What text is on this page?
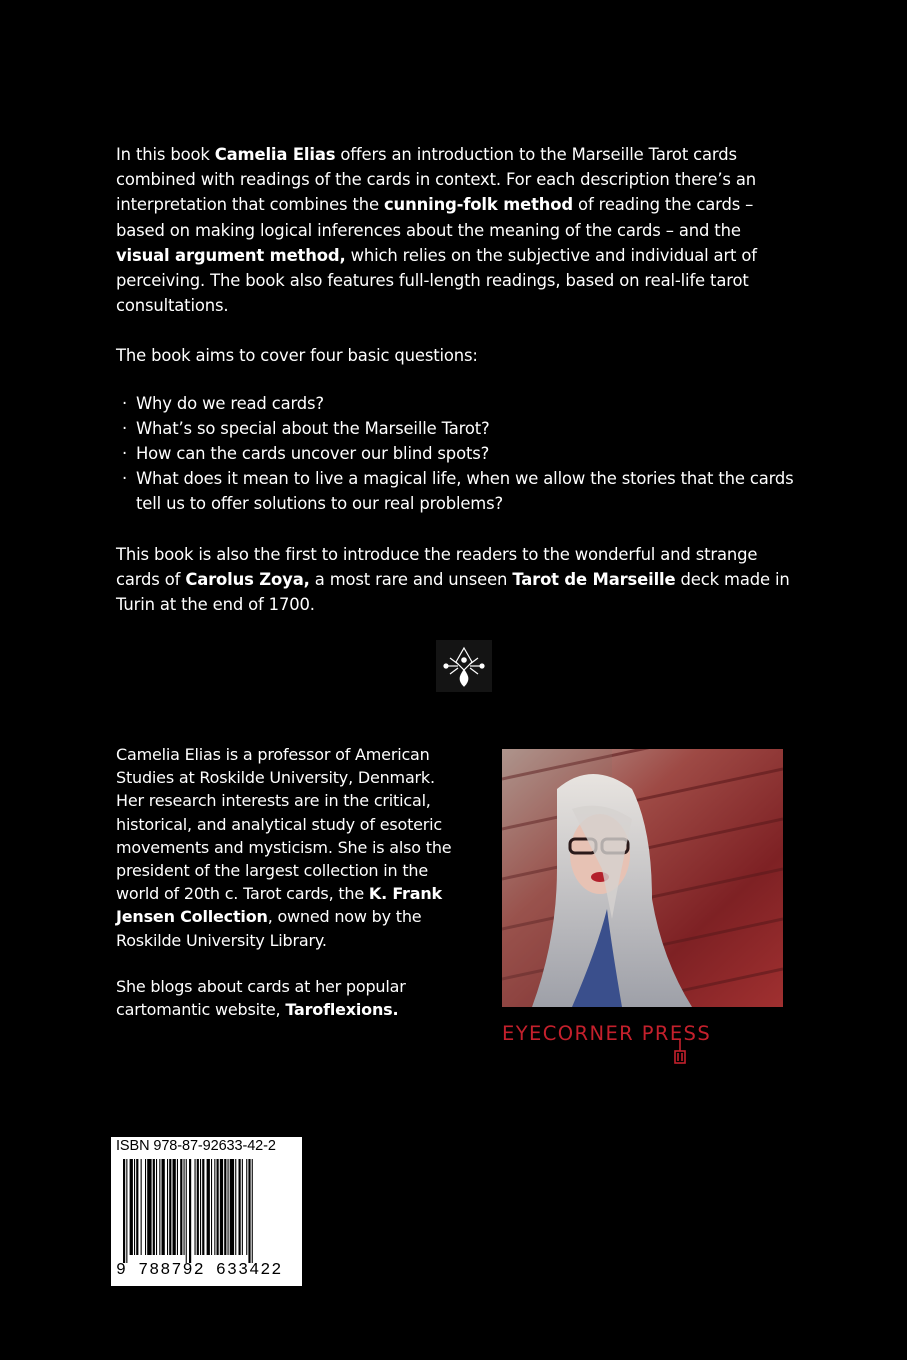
In this book Camelia Elias offers an introduction to the Marseille Tarot cards combined with readings of the cards in context. For each description there’s an interpretation that combines the cunning-folk method of reading the cards – based on making logical inferences about the meaning of the cards – and the visual argument method, which relies on the subjective and individual art of perceiving. The book also features full-length readings, based on real-life tarot consultations.

The book aims to cover four basic questions:

· Why do we read cards?
· What’s so special about the Marseille Tarot?
· How can the cards uncover our blind spots?
· What does it mean to live a magical life, when we allow the stories that the cards tell us to offer solutions to our real problems?

This book is also the first to introduce the readers to the wonderful and strange cards of Carolus Zoya, a most rare and unseen Tarot de Marseille deck made in Turin at the end of 1700.

Camelia Elias is a professor of American Studies at Roskilde University, Denmark. Her research interests are in the critical, historical, and analytical study of esoteric movements and mysticism. She is also the president of the largest collection in the world of 20th c. Tarot cards, the K. Frank Jensen Collection, owned now by the Roskilde University Library.

She blogs about cards at her popular cartomantic website, Taroflexions.

EYECORNER PRESS
ISBN 978-87-92633-42-2
9 788792 633422
